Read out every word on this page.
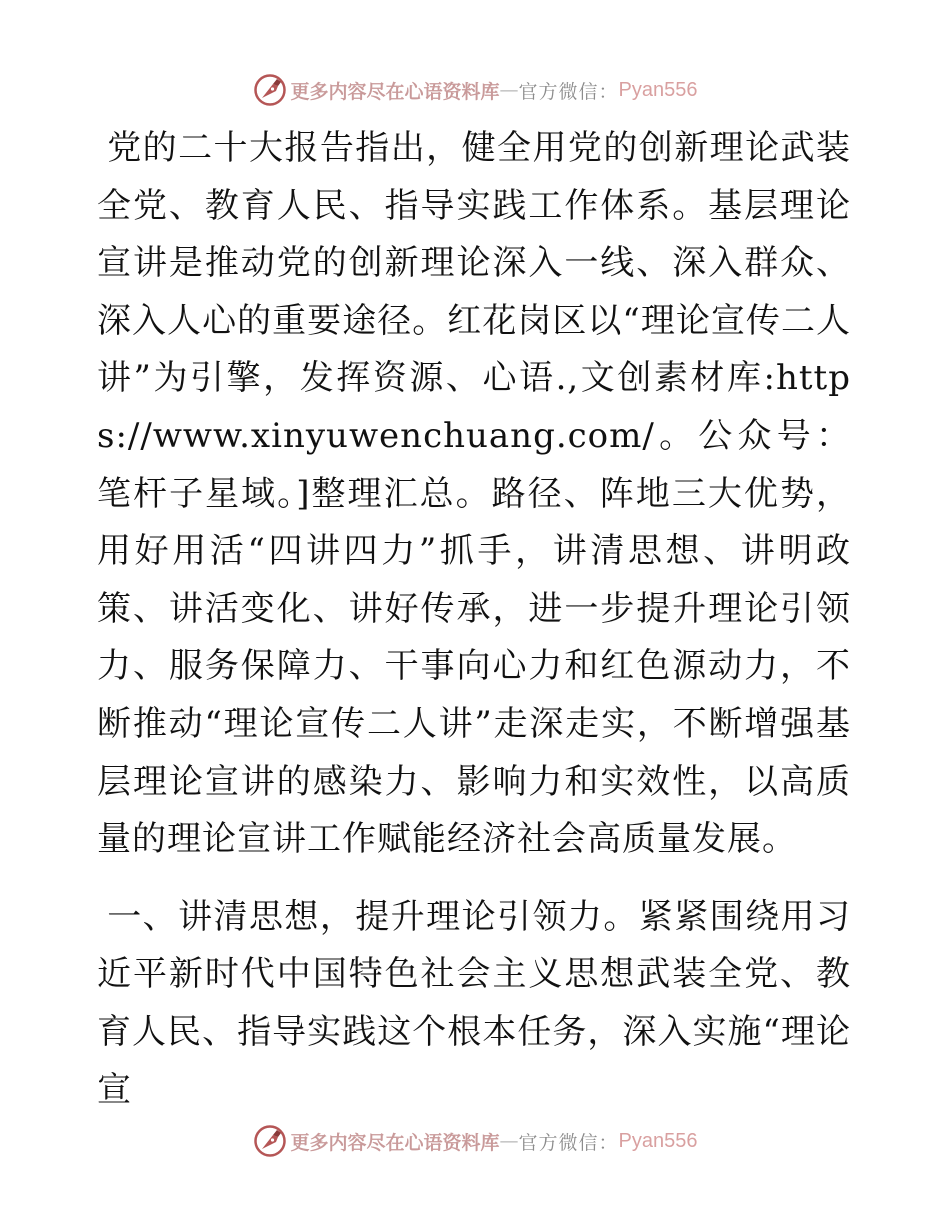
更多内容尽在心语资料库 — 官方微信： Pyan556

党的二十大报告指出，健全用党的创新理论武装全党、教育人民、指导实践工作体系。基层理论宣讲是推动党的创新理论深入一线、深入群众、深入人心的重要途径。红花岗区以“理论宣传二人讲”为引擎，发挥资源、心语.,文创素材库:https://www.xinyuwenchuang.com/。公众号：笔杆子星域。]整理汇总。路径、阵地三大优势，用好用活“四讲四力”抓手，讲清思想、讲明政策、讲活变化、讲好传承，进一步提升理论引领力、服务保障力、干事向心力和红色源动力，不断推动“理论宣传二人讲”走深走实，不断增强基层理论宣讲的感染力、影响力和实效性，以高质量的理论宣讲工作赋能经济社会高质量发展。

一、讲清思想，提升理论引领力。紧紧围绕用习近平新时代中国特色社会主义思想武装全党、教育人民、指导实践这个根本任务，深入实施“理论宣

更多内容尽在心语资料库 — 官方微信： Pyan556
